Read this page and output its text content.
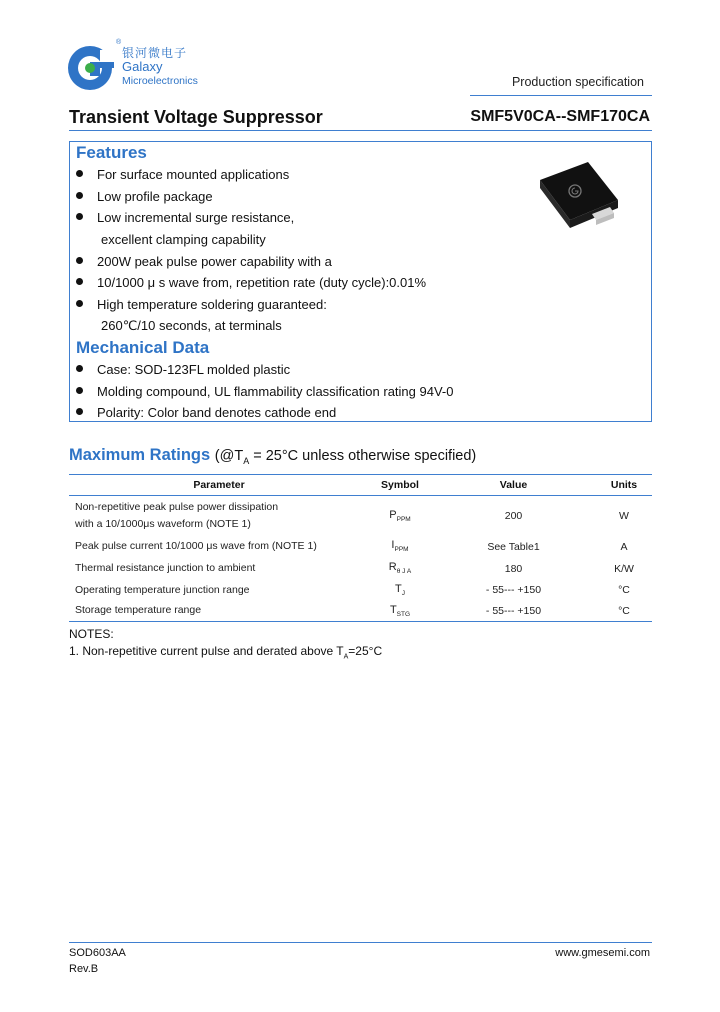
®
银河微电子
Galaxy
Microelectronics	Production specification
Transient Voltage Suppressor	SMF5V0CA--SMF170CA
Features
For surface mounted applications
Low profile package
Low incremental surge resistance,
excellent clamping capability
200W peak pulse power capability with a
10/1000 μ s wave from, repetition rate (duty cycle):0.01%
High temperature soldering guaranteed:
260℃/10 seconds, at terminals
Mechanical Data
Case: SOD-123FL molded plastic
Molding compound, UL flammability classification rating 94V-0
Polarity: Color band denotes cathode end
Maximum Ratings ($@T_A = 25^\circ C$ unless otherwise specified)
Parameter	Symbol	Value	Units
Non-repetitive peak pulse power dissipation
with a 10/1000μs waveform (NOTE 1)	$P_{PPM}$	200	W
Peak pulse current 10/1000 μs wave from (NOTE 1)	$I_{PPM}$	See Table1	A
Thermal resistance junction to ambient	$R_{\theta J A}$	180	K/W
Operating temperature junction range	$T_J$	- 55--- +150	°C
Storage temperature range	$T_{STG}$	- 55--- +150	°C
NOTES:
1. Non-repetitive current pulse and derated above $T_A=25^\circ C$
SOD603AA
Rev.B
www.gmesemi.com
